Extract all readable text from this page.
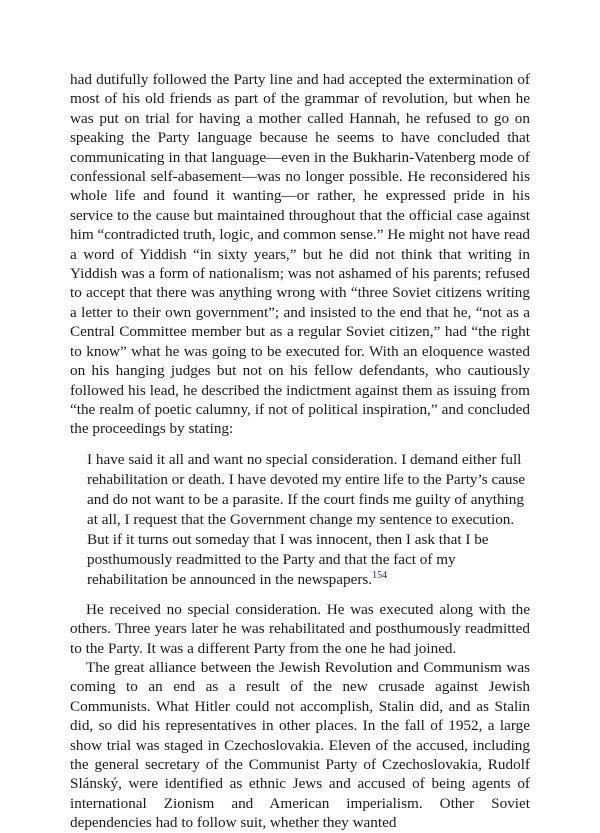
had dutifully followed the Party line and had accepted the extermination of most of his old friends as part of the grammar of revolution, but when he was put on trial for having a mother called Hannah, he refused to go on speaking the Party language because he seems to have concluded that communicating in that language—even in the Bukharin-Vatenberg mode of confessional self-abasement—was no longer possible. He reconsidered his whole life and found it wanting—or rather, he expressed pride in his service to the cause but maintained throughout that the official case against him “contradicted truth, logic, and common sense.” He might not have read a word of Yiddish “in sixty years,” but he did not think that writing in Yiddish was a form of nationalism; was not ashamed of his parents; refused to accept that there was anything wrong with “three Soviet citizens writing a letter to their own government”; and insisted to the end that he, “not as a Central Committee member but as a regular Soviet citizen,” had “the right to know” what he was going to be executed for. With an eloquence wasted on his hanging judges but not on his fellow defendants, who cautiously followed his lead, he described the indictment against them as issuing from “the realm of poetic calumny, if not of political inspiration,” and concluded the proceedings by stating:

I have said it all and want no special consideration. I demand either full rehabilitation or death. I have devoted my entire life to the Party’s cause and do not want to be a parasite. If the court finds me guilty of anything at all, I request that the Government change my sentence to execution. But if it turns out someday that I was innocent, then I ask that I be posthumously readmitted to the Party and that the fact of my rehabilitation be announced in the newspapers.$^{154}$

He received no special consideration. He was executed along with the others. Three years later he was rehabilitated and posthumously readmitted to the Party. It was a different Party from the one he had joined.

The great alliance between the Jewish Revolution and Communism was coming to an end as a result of the new crusade against Jewish Communists. What Hitler could not accomplish, Stalin did, and as Stalin did, so did his representatives in other places. In the fall of 1952, a large show trial was staged in Czechoslovakia. Eleven of the accused, including the general secretary of the Communist Party of Czechoslovakia, Rudolf Slánský, were identified as ethnic Jews and accused of being agents of international Zionism and American imperialism. Other Soviet dependencies had to follow suit, whether they wanted
